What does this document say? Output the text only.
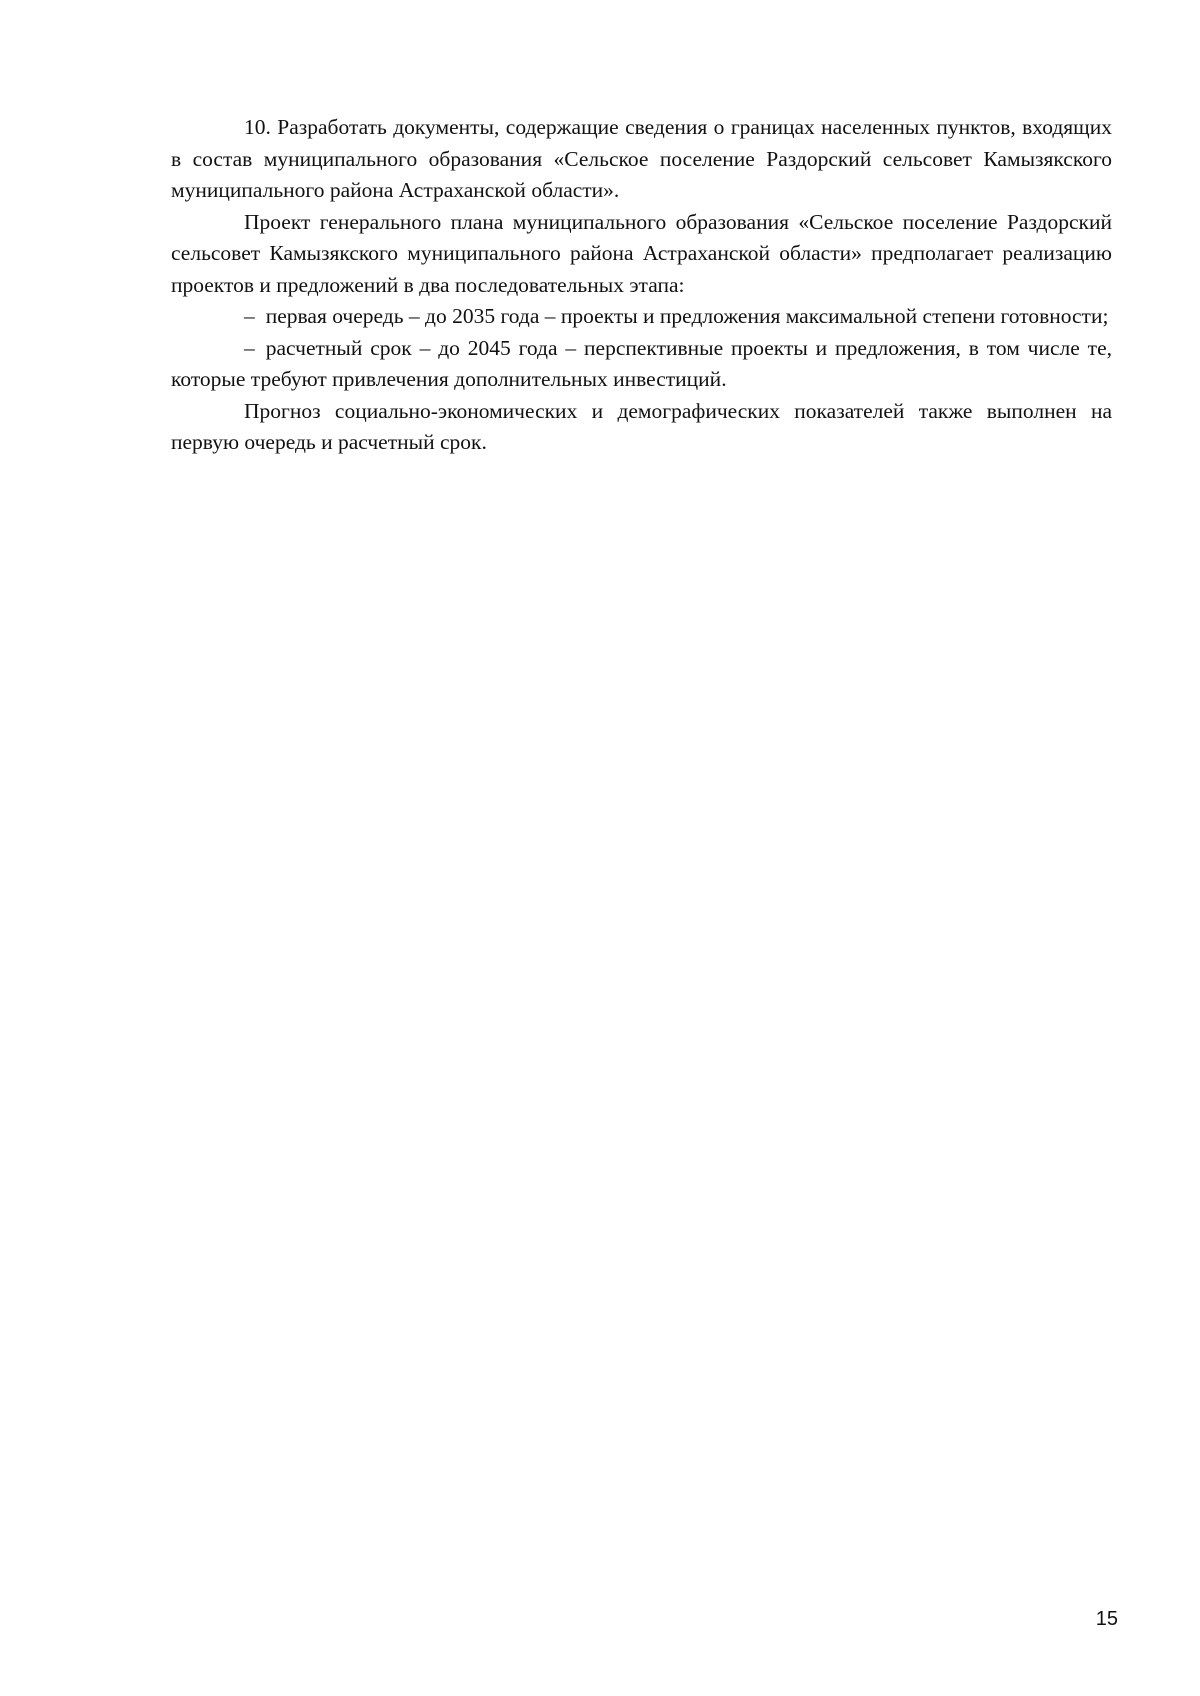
10. Разработать документы, содержащие сведения о границах населенных пунктов, входящих в состав муниципального образования «Сельское поселение Раздорский сельсовет Камызякского муниципального района Астраханской области».

Проект генерального плана муниципального образования «Сельское поселение Раздорский сельсовет Камызякского муниципального района Астраханской области» предполагает реализацию проектов и предложений в два последовательных этапа:

– первая очередь – до 2035 года – проекты и предложения максимальной степени готовности;

– расчетный срок – до 2045 года – перспективные проекты и предложения, в том числе те, которые требуют привлечения дополнительных инвестиций.

Прогноз социально-экономических и демографических показателей также выполнен на первую очередь и расчетный срок.

15
